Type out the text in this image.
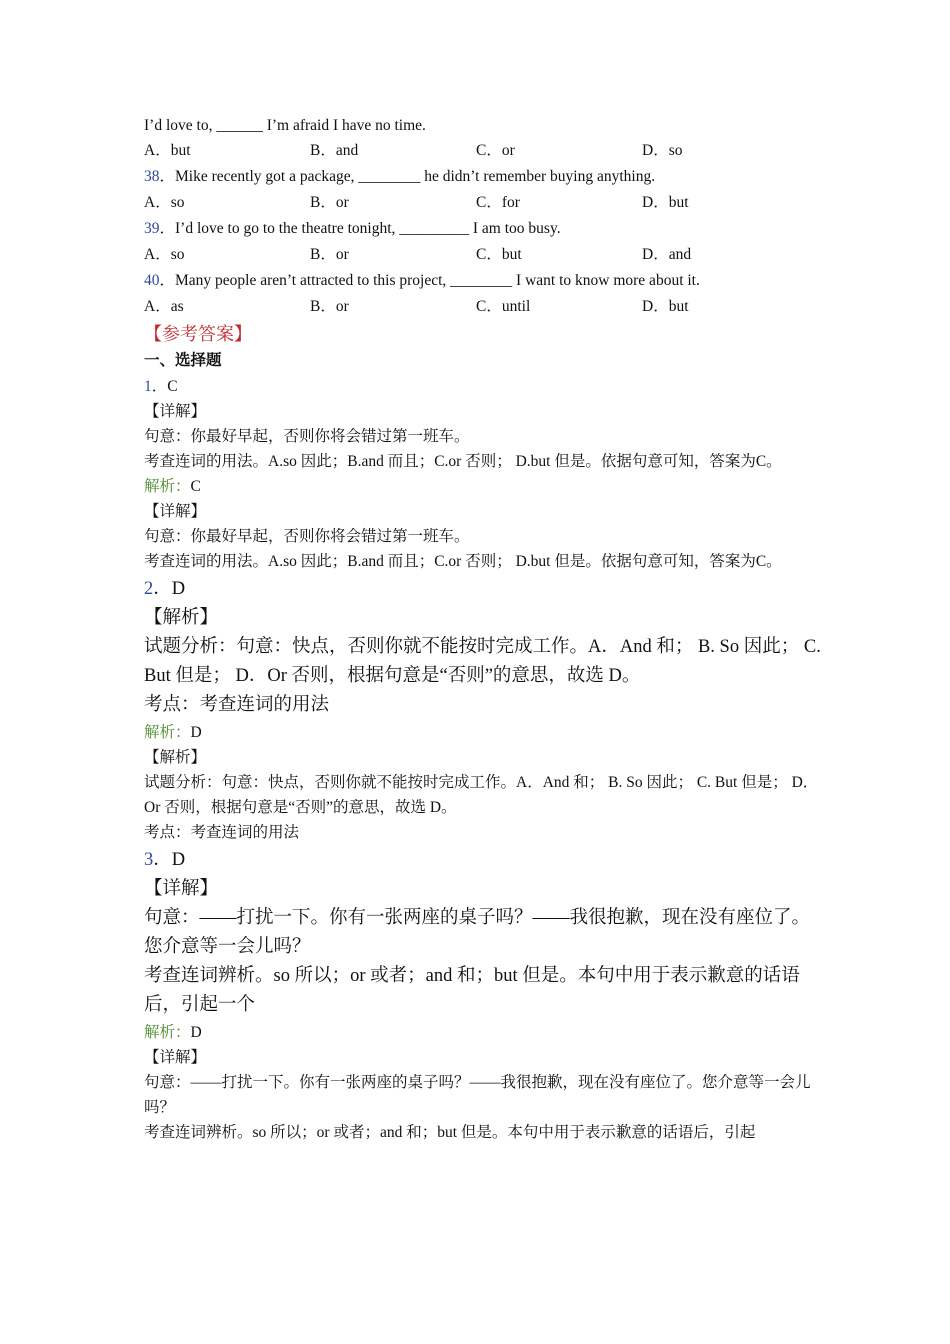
I’d love to, ______ I’m afraid I have no time.
A．but	B．and	C．or	D．so
38．Mike recently got a package, ________ he didn’t remember buying anything.
A．so	B．or	C．for	D．but
39．I’d love to go to the theatre tonight, _________ I am too busy.
A．so	B．or	C．but	D．and
40．Many people aren’t attracted to this project, ________ I want to know more about it.
A．as	B．or	C．until	D．but
【参考答案】
一、选择题
1．C
【详解】
句意：你最好早起，否则你将会错过第一班车。
考查连词的用法。A.so 因此；B.and 而且；C.or 否则； D.but 但是。依据句意可知，答案为C。
解析：C
【详解】
句意：你最好早起，否则你将会错过第一班车。
考查连词的用法。A.so 因此；B.and 而且；C.or 否则； D.but 但是。依据句意可知，答案为C。
2．D
【解析】
试题分析：句意：快点，否则你就不能按时完成工作。A．And 和； B. So 因此； C. But 但是； D．Or 否则，根据句意是“否则”的意思，故选 D。
考点：考查连词的用法
解析：D
【解析】
试题分析：句意：快点，否则你就不能按时完成工作。A．And 和； B. So 因此； C. But 但是； D．Or 否则，根据句意是“否则”的意思，故选 D。
考点：考查连词的用法
3．D
【详解】
句意：——打扰一下。你有一张两座的桌子吗？——我很抱歉，现在没有座位了。您介意等一会儿吗？
考查连词辨析。so 所以；or 或者；and 和；but 但是。本句中用于表示歉意的话语后，引起一个
解析：D
【详解】
句意：——打扰一下。你有一张两座的桌子吗？——我很抱歉，现在没有座位了。您介意等一会儿吗？
考查连词辨析。so 所以；or 或者；and 和；but 但是。本句中用于表示歉意的话语后，引起
